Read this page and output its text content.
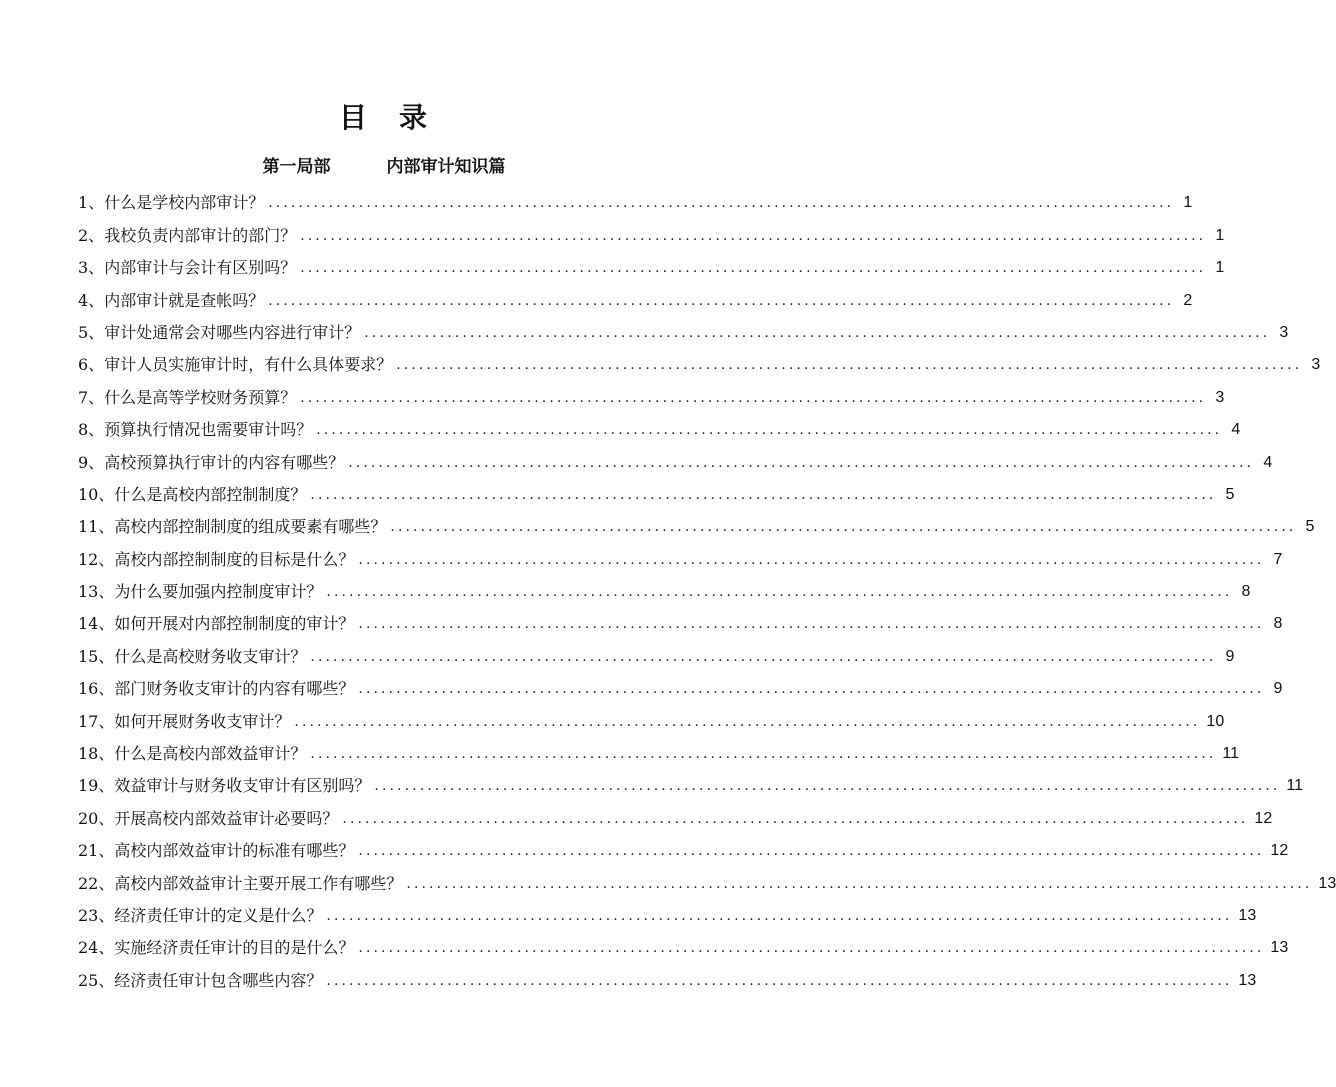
目 录
第一局部	内部审计知识篇
1、什么是学校内部审计？ ........................................................................................................................ 1
2、我校负责内部审计的部门？ ........................................................................................................................ 1
3、内部审计与会计有区别吗？ ........................................................................................................................ 1
4、内部审计就是查帐吗？ ........................................................................................................................ 2
5、审计处通常会对哪些内容进行审计？ ........................................................................................................................ 3
6、审计人员实施审计时，有什么具体要求？ ........................................................................................................................ 3
7、什么是高等学校财务预算？ ........................................................................................................................ 3
8、预算执行情况也需要审计吗？ ........................................................................................................................ 4
9、高校预算执行审计的内容有哪些？ ........................................................................................................................ 4
10、什么是高校内部控制制度？ ........................................................................................................................ 5
11、高校内部控制制度的组成要素有哪些？ ........................................................................................................................ 5
12、高校内部控制制度的目标是什么？ ........................................................................................................................ 7
13、为什么要加强内控制度审计？ ........................................................................................................................ 8
14、如何开展对内部控制制度的审计？ ........................................................................................................................ 8
15、什么是高校财务收支审计？ ........................................................................................................................ 9
16、部门财务收支审计的内容有哪些？ ........................................................................................................................ 9
17、如何开展财务收支审计？ ........................................................................................................................ 10
18、什么是高校内部效益审计？ ........................................................................................................................ 11
19、效益审计与财务收支审计有区别吗？ ........................................................................................................................ 11
20、开展高校内部效益审计必要吗？ ........................................................................................................................ 12
21、高校内部效益审计的标准有哪些？ ........................................................................................................................ 12
22、高校内部效益审计主要开展工作有哪些？ ........................................................................................................................ 13
23、经济责任审计的定义是什么？ ........................................................................................................................ 13
24、实施经济责任审计的目的是什么？ ........................................................................................................................ 13
25、经济责任审计包含哪些内容？ ........................................................................................................................ 13
